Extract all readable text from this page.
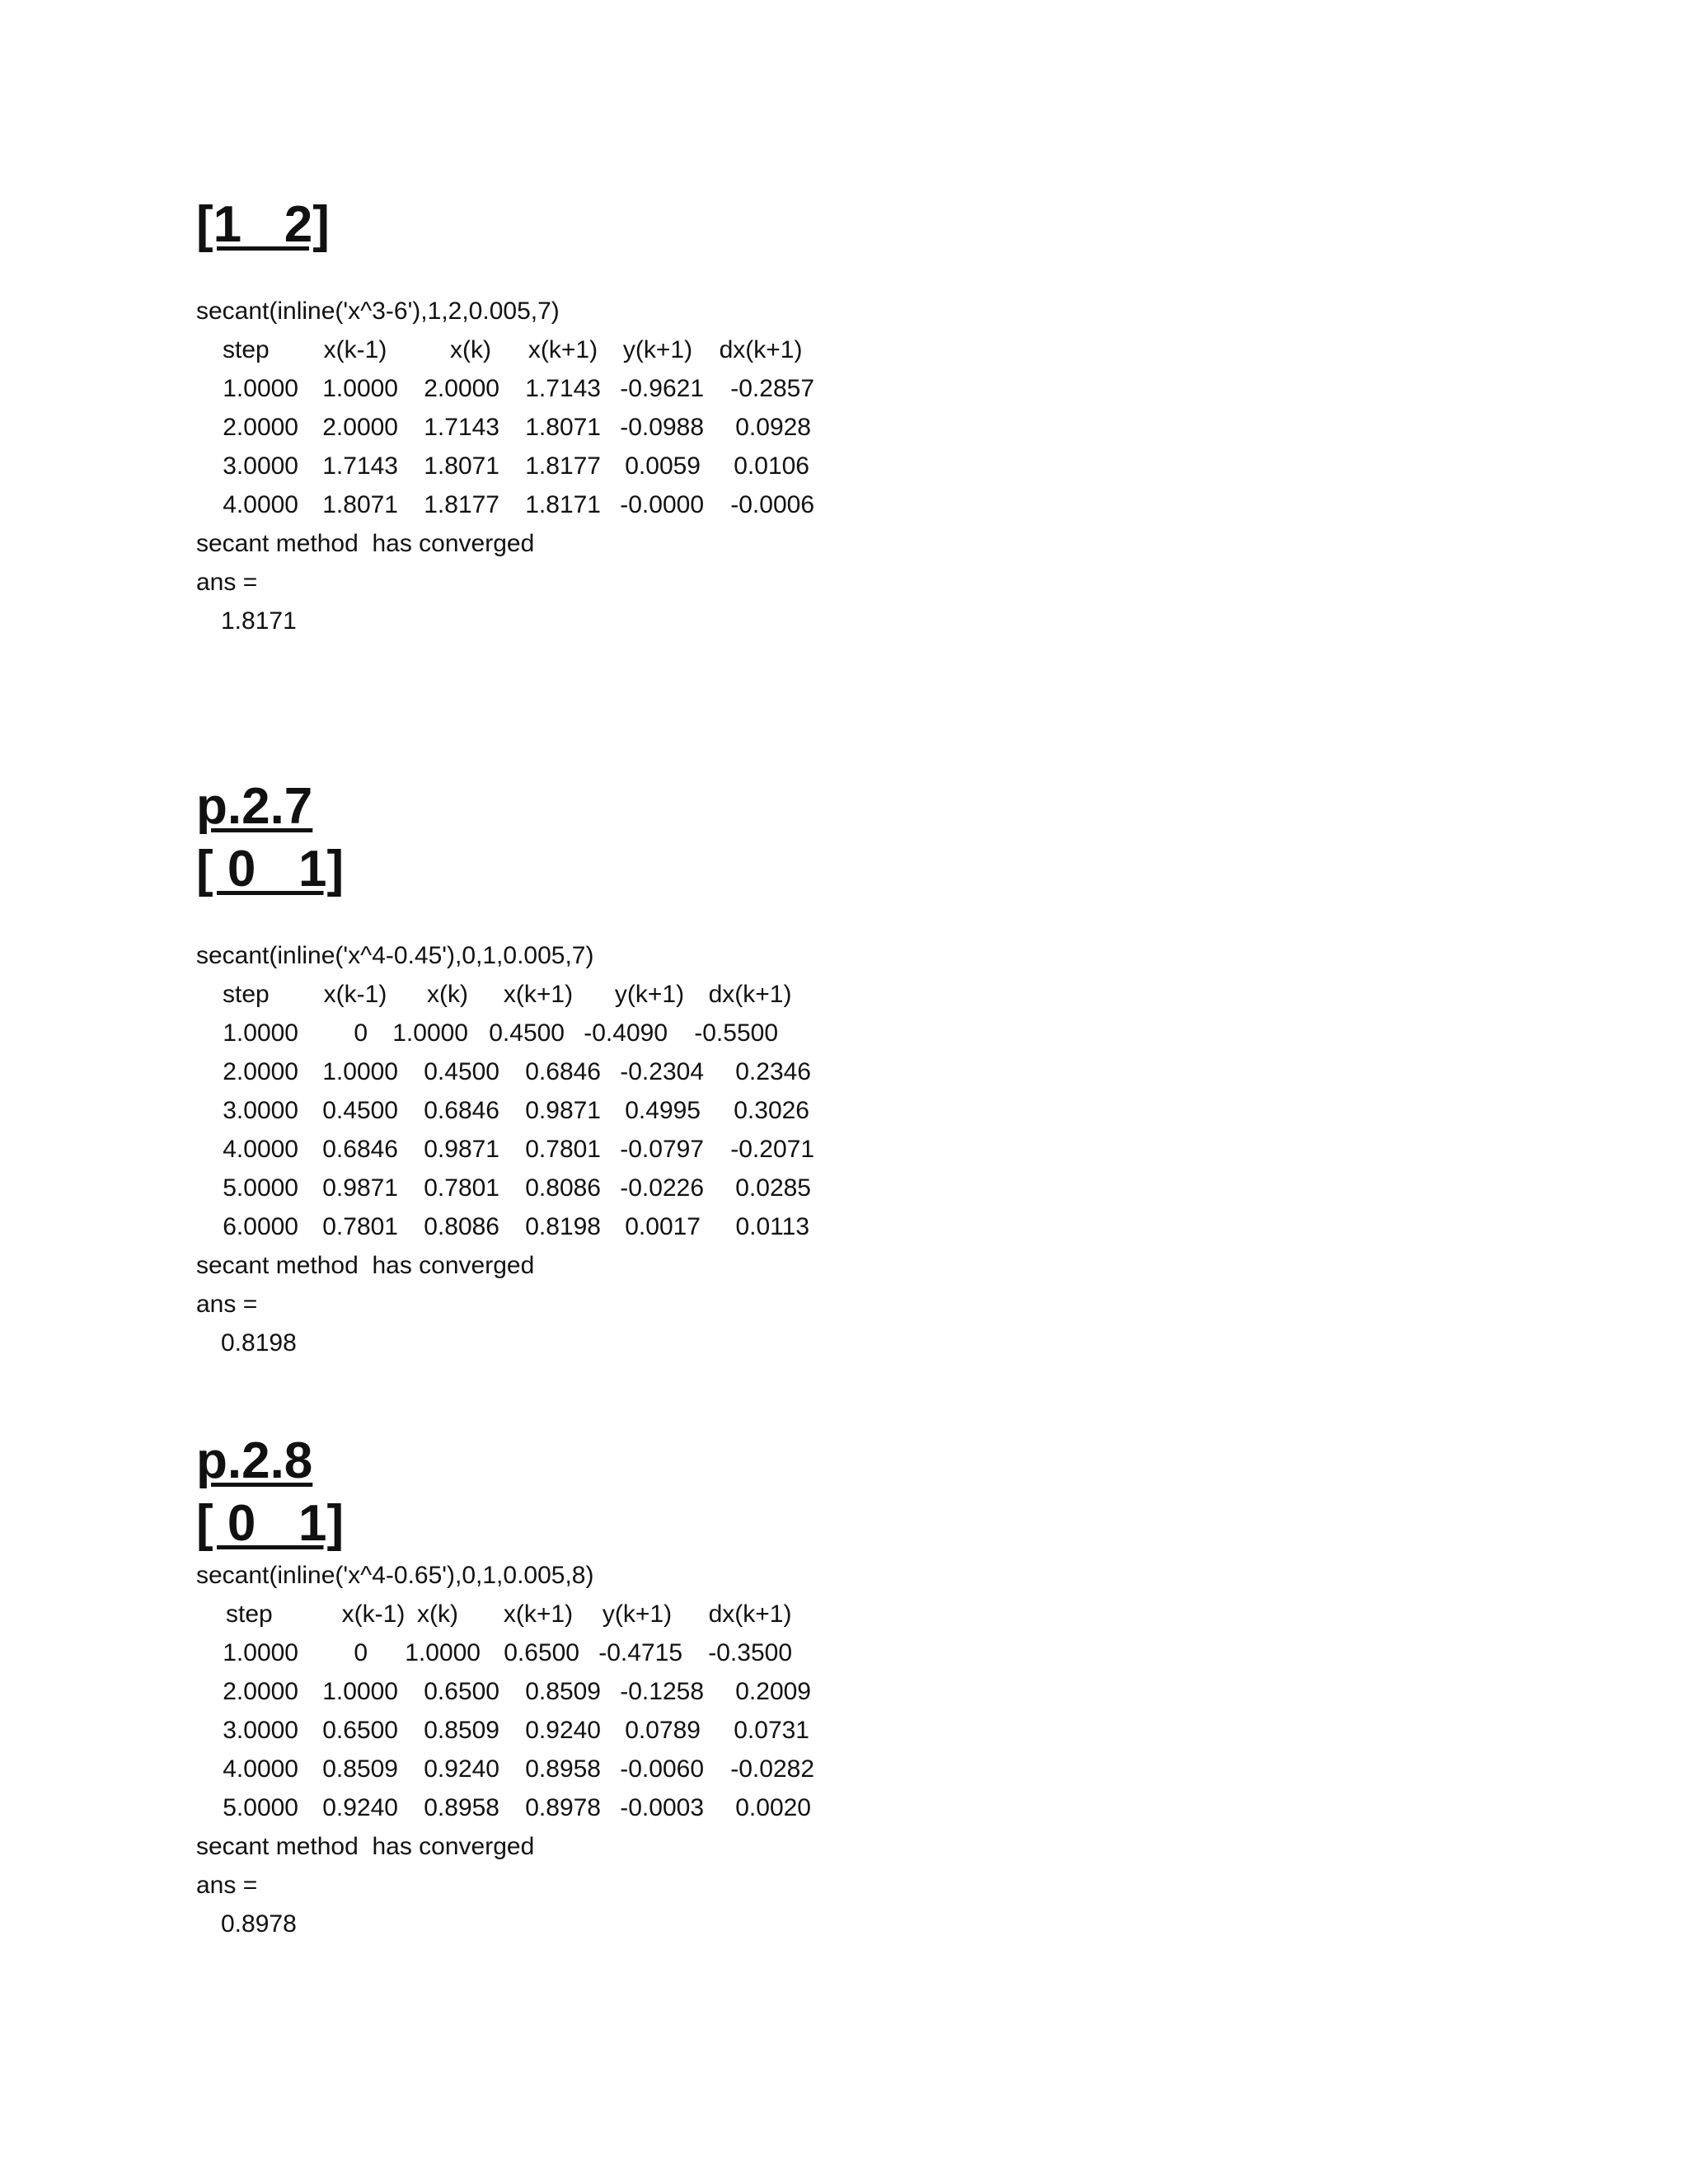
[1   2]
secant(inline('x^3-6'),1,2,0.005,7)
step	x(k-1)	x(k)	x(k+1)	y(k+1)	dx(k+1)
1.0000 1.0000	2.0000	1.7143 -0.9621	-0.2857
2.0000 2.0000	1.7143	1.8071 -0.0988	0.0928
3.0000 1.7143	1.8071	1.8177 0.0059	0.0106
4.0000 1.8071	1.8177	1.8171 -0.0000	-0.0006
secant method  has converged
ans =
1.8171
p.2.7
[ 0   1]
secant(inline('x^4-0.45'),0,1,0.005,7)
step	x(k-1)	x(k)	x(k+1)	y(k+1) dx(k+1)
1.0000	0	1.0000 0.4500 -0.4090	-0.5500
2.0000 1.0000	0.4500	0.6846 -0.2304	0.2346
3.0000 0.4500	0.6846	0.9871 0.4995	0.3026
4.0000 0.6846	0.9871	0.7801 -0.0797	-0.2071
5.0000 0.9871	0.7801	0.8086 -0.0226	0.0285
6.0000 0.7801	0.8086	0.8198 0.0017	0.0113
secant method  has converged
ans =
0.8198
p.2.8
[ 0   1]
secant(inline('x^4-0.65'),0,1,0.005,8)
step	x(k-1) x(k)	x(k+1)	y(k+1)	dx(k+1)
1.0000	0	1.0000 0.6500 -0.4715	-0.3500
2.0000 1.0000	0.6500	0.8509 -0.1258	0.2009
3.0000 0.6500	0.8509	0.9240 0.0789	0.0731
4.0000 0.8509	0.9240	0.8958 -0.0060	-0.0282
5.0000 0.9240	0.8958	0.8978 -0.0003	0.0020
secant method  has converged
ans =
0.8978
